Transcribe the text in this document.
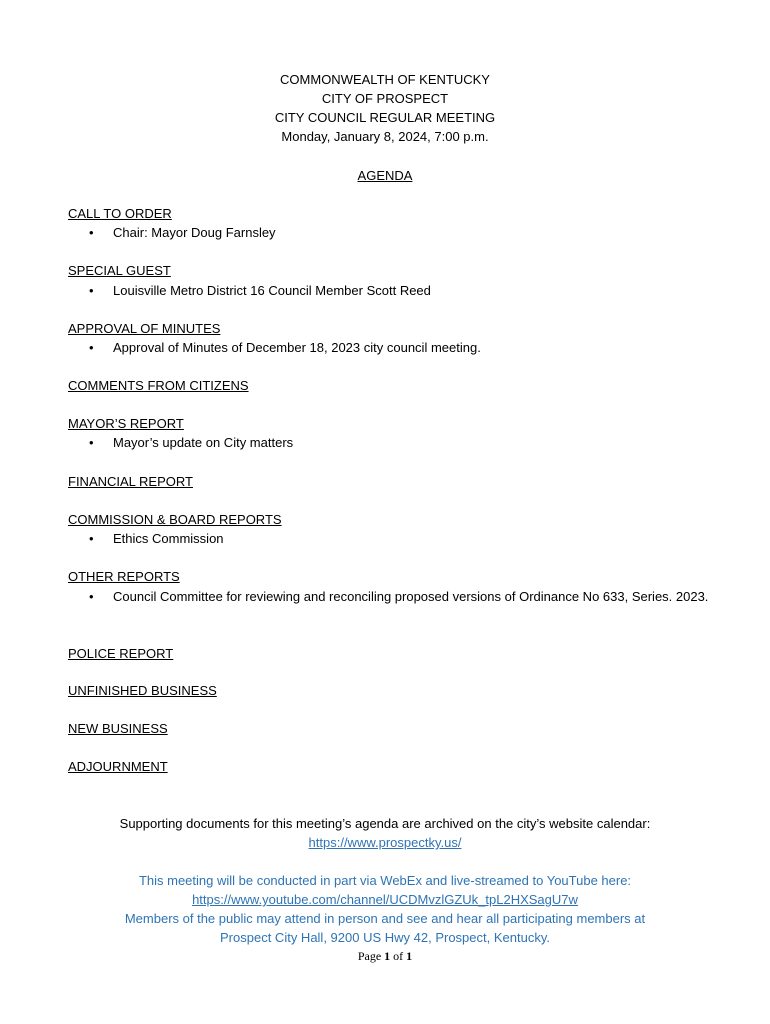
COMMONWEALTH OF KENTUCKY
CITY OF PROSPECT
CITY COUNCIL REGULAR MEETING
Monday, January 8, 2024, 7:00 p.m.
AGENDA
CALL TO ORDER
•	Chair: Mayor Doug Farnsley
SPECIAL GUEST
•	Louisville Metro District 16 Council Member Scott Reed
APPROVAL OF MINUTES
•	Approval of Minutes of December 18, 2023 city council meeting.
COMMENTS FROM CITIZENS
MAYOR’S REPORT
•	Mayor’s update on City matters
FINANCIAL REPORT
COMMISSION & BOARD REPORTS
•	Ethics Commission
OTHER REPORTS
•	Council Committee for reviewing and reconciling proposed versions of Ordinance No 633, Series. 2023.
POLICE REPORT
UNFINISHED BUSINESS
NEW BUSINESS
ADJOURNMENT
Supporting documents for this meeting’s agenda are archived on the city’s website calendar:
https://www.prospectky.us/
This meeting will be conducted in part via WebEx and live-streamed to YouTube here:
https://www.youtube.com/channel/UCDMvzlGZUk_tpL2HXSagU7w
Members of the public may attend in person and see and hear all participating members at
Prospect City Hall, 9200 US Hwy 42, Prospect, Kentucky.
Page 1 of 1
